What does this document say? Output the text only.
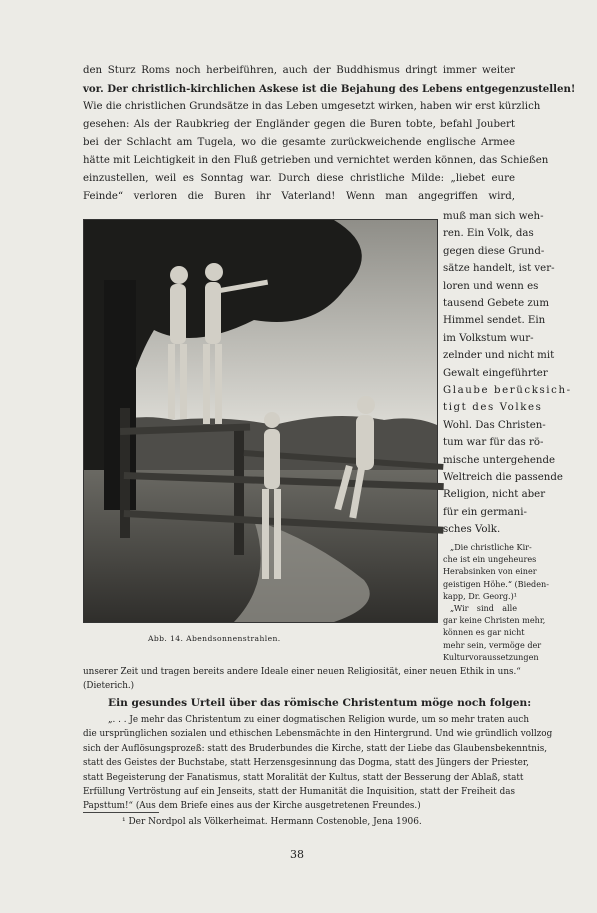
den Sturz Roms noch herbeiführen, auch der Buddhismus dringt immer weiter
vor. Der christlich-kirchlichen Askese ist die Bejahung des Lebens entgegenzustellen!
Wie die christlichen Grundsätze in das Leben umgesetzt wirken, haben wir erst kürzlich
gesehen: Als der Raubkrieg der Engländer gegen die Buren tobte, befahl Joubert
bei der Schlacht am Tugela, wo die gesamte zurückweichende englische Armee
hätte mit Leichtigkeit in den Fluß getrieben und vernichtet werden können, das Schießen
einzustellen, weil es Sonntag war. Durch diese christliche Milde: „liebet eure
Feinde“ verloren die Buren ihr Vaterland! Wenn man angegriffen wird,
muß man sich weh-
ren. Ein Volk, das
gegen diese Grund-
sätze handelt, ist ver-
loren und wenn es
tausend Gebete zum
Himmel sendet. Ein
im Volkstum wur-
zelnder und nicht mit
Gewalt eingeführter
Glaube berücksich-
tigt des Volkes
Wohl. Das Christen-
tum war für das rö-
mische untergehende
Weltreich die passende
Religion, nicht aber
für ein germani-
sches Volk.
„Die christliche Kir-
che ist ein ungeheures
Herabsinken von einer
geistigen Höhe.“ (Bieden-
kapp, Dr. Georg.)¹
„Wir sind alle
gar keine Christen mehr,
können es gar nicht
mehr sein, vermöge der
Kulturvoraussetzungen
Abb. 14. Abendsonnenstrahlen.
unserer Zeit und tragen bereits andere Ideale einer neuen Religiosität, einer neuen Ethik in uns.“
(Dieterich.)
Ein gesundes Urteil über das römische Christentum möge noch folgen:
„. . . Je mehr das Christentum zu einer dogmatischen Religion wurde, um so mehr traten auch
die ursprünglichen sozialen und ethischen Lebensmächte in den Hintergrund. Und wie gründlich vollzog
sich der Auflösungsprozeß: statt des Bruderbundes die Kirche, statt der Liebe das Glaubensbekenntnis,
statt des Geistes der Buchstabe, statt Herzensgesinnung das Dogma, statt des Jüngers der Priester,
statt Begeisterung der Fanatismus, statt Moralität der Kultus, statt der Besserung der Ablaß, statt
Erfüllung Vertröstung auf ein Jenseits, statt der Humanität die Inquisition, statt der Freiheit das
Papsttum!“ (Aus dem Briefe eines aus der Kirche ausgetretenen Freundes.)
¹ Der Nordpol als Völkerheimat. Hermann Costenoble, Jena 1906.
38
